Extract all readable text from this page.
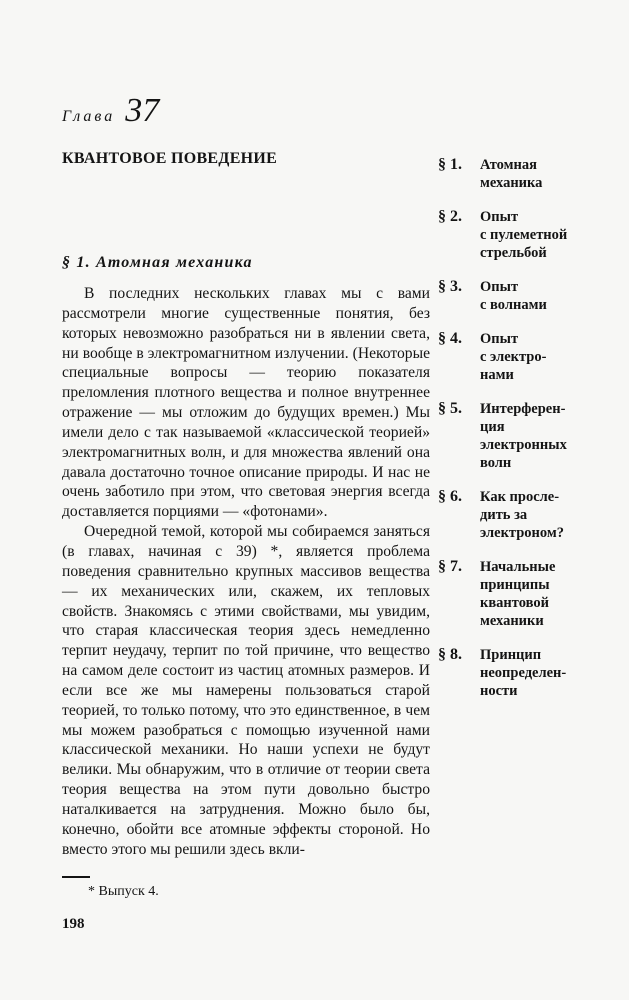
Глава 37
КВАНТОВОЕ ПОВЕДЕНИЕ
§ 1. Атомная механика

В последних нескольких главах мы с вами рассмотрели многие существенные понятия, без которых невозможно разобраться ни в явлении света, ни вообще в электромагнитном излучении. (Некоторые специальные вопросы — теорию показателя преломления плотного вещества и полное внутреннее отражение — мы отложим до будущих времен.) Мы имели дело с так называемой «классической теорией» электромагнитных волн, и для множества явлений она давала достаточно точное описание природы. И нас не очень заботило при этом, что световая энергия всегда доставляется порциями — «фотонами».

Очередной темой, которой мы собираемся заняться (в главах, начиная с 39) *, является проблема поведения сравнительно крупных массивов вещества — их механических или, скажем, их тепловых свойств. Знакомясь с этими свойствами, мы увидим, что старая классическая теория здесь немедленно терпит неудачу, терпит по той причине, что вещество на самом деле состоит из частиц атомных размеров. И если все же мы намерены пользоваться старой теорией, то только потому, что это единственное, в чем мы можем разобраться с помощью изученной нами классической механики. Но наши успехи не будут велики. Мы обнаружим, что в отличие от теории света теория вещества на этом пути довольно быстро наталкивается на затруднения. Можно было бы, конечно, обойти все атомные эффекты стороной. Но вместо этого мы решили здесь вкли-

§ 1.	Атомная
механика
§ 2.	Опыт
с пулеметной
стрельбой
§ 3.	Опыт
с волнами
§ 4.	Опыт
с электро-
нами
§ 5.	Интерферен-
ция
электронных
волн
§ 6.	Как просле-
дить за
электроном?
§ 7.	Начальные
принципы
квантовой
механики
§ 8.	Принцип
неопределен-
ности
* Выпуск 4.
198
